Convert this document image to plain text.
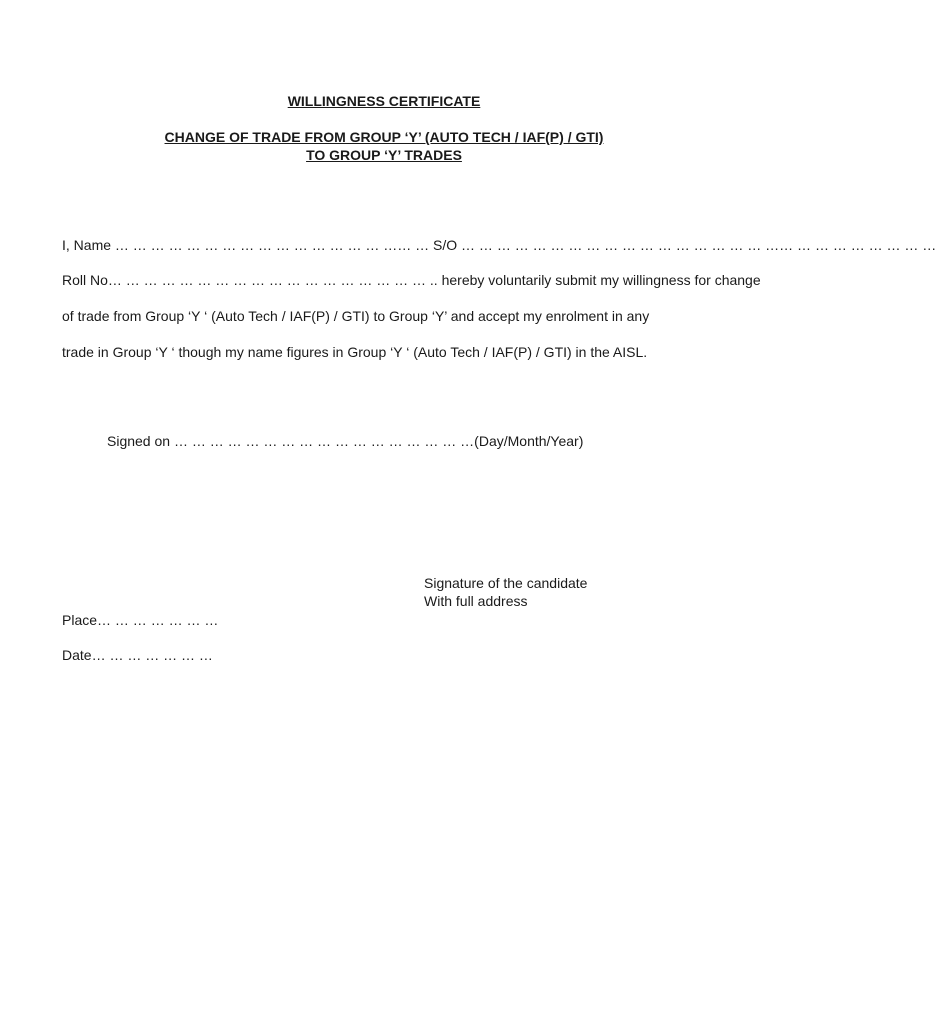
WILLINGNESS CERTIFICATE
CHANGE OF TRADE FROM GROUP ‘Y’ (AUTO TECH / IAF(P) / GTI)
TO GROUP ‘Y’ TRADES
I, Name … … … … … … … … … … … … … … … …… … S/O … … … … … … … … … … … … … … … … … …… … … … … … … … …
Roll No… … … … … … … … … … … … … … … … … … .. hereby voluntarily submit my willingness for change
of trade from Group ‘Y ‘ (Auto Tech / IAF(P) / GTI) to Group ‘Y’ and accept my enrolment in any
trade in Group ‘Y ‘ though my name figures in Group ‘Y ‘ (Auto Tech / IAF(P) / GTI) in the AISL.
Signed on … … … … … … … … … … … … … … … … …(Day/Month/Year)
Signature of the candidate
With full address
Place… … … … … … …
Date… … … … … … …
